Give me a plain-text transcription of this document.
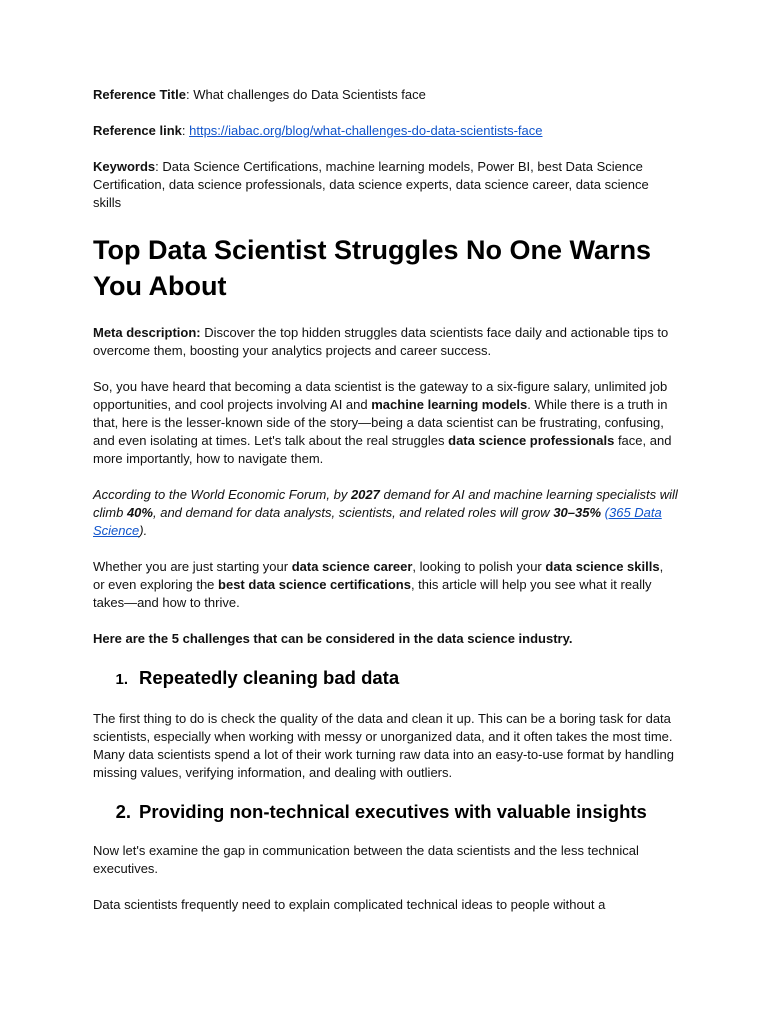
Reference Title: What challenges do Data Scientists face

Reference link: https://iabac.org/blog/what-challenges-do-data-scientists-face

Keywords: Data Science Certifications, machine learning models, Power BI, best Data Science Certification, data science professionals, data science experts, data science career, data science skills

Top Data Scientist Struggles No One Warns You About

Meta description: Discover the top hidden struggles data scientists face daily and actionable tips to overcome them, boosting your analytics projects and career success.

So, you have heard that becoming a data scientist is the gateway to a six-figure salary, unlimited job opportunities, and cool projects involving AI and machine learning models. While there is a truth in that, here is the lesser-known side of the story—being a data scientist can be frustrating, confusing, and even isolating at times. Let's talk about the real struggles data science professionals face, and more importantly, how to navigate them.

According to the World Economic Forum, by 2027 demand for AI and machine learning specialists will climb 40%, and demand for data analysts, scientists, and related roles will grow 30–35% (365 Data Science).

Whether you are just starting your data science career, looking to polish your data science skills, or even exploring the best data science certifications, this article will help you see what it really takes—and how to thrive.

Here are the 5 challenges that can be considered in the data science industry.

1. Repeatedly cleaning bad data

The first thing to do is check the quality of the data and clean it up. This can be a boring task for data scientists, especially when working with messy or unorganized data, and it often takes the most time. Many data scientists spend a lot of their work turning raw data into an easy-to-use format by handling missing values, verifying information, and dealing with outliers.

2. Providing non-technical executives with valuable insights

Now let's examine the gap in communication between the data scientists and the less technical executives.

Data scientists frequently need to explain complicated technical ideas to people without a
